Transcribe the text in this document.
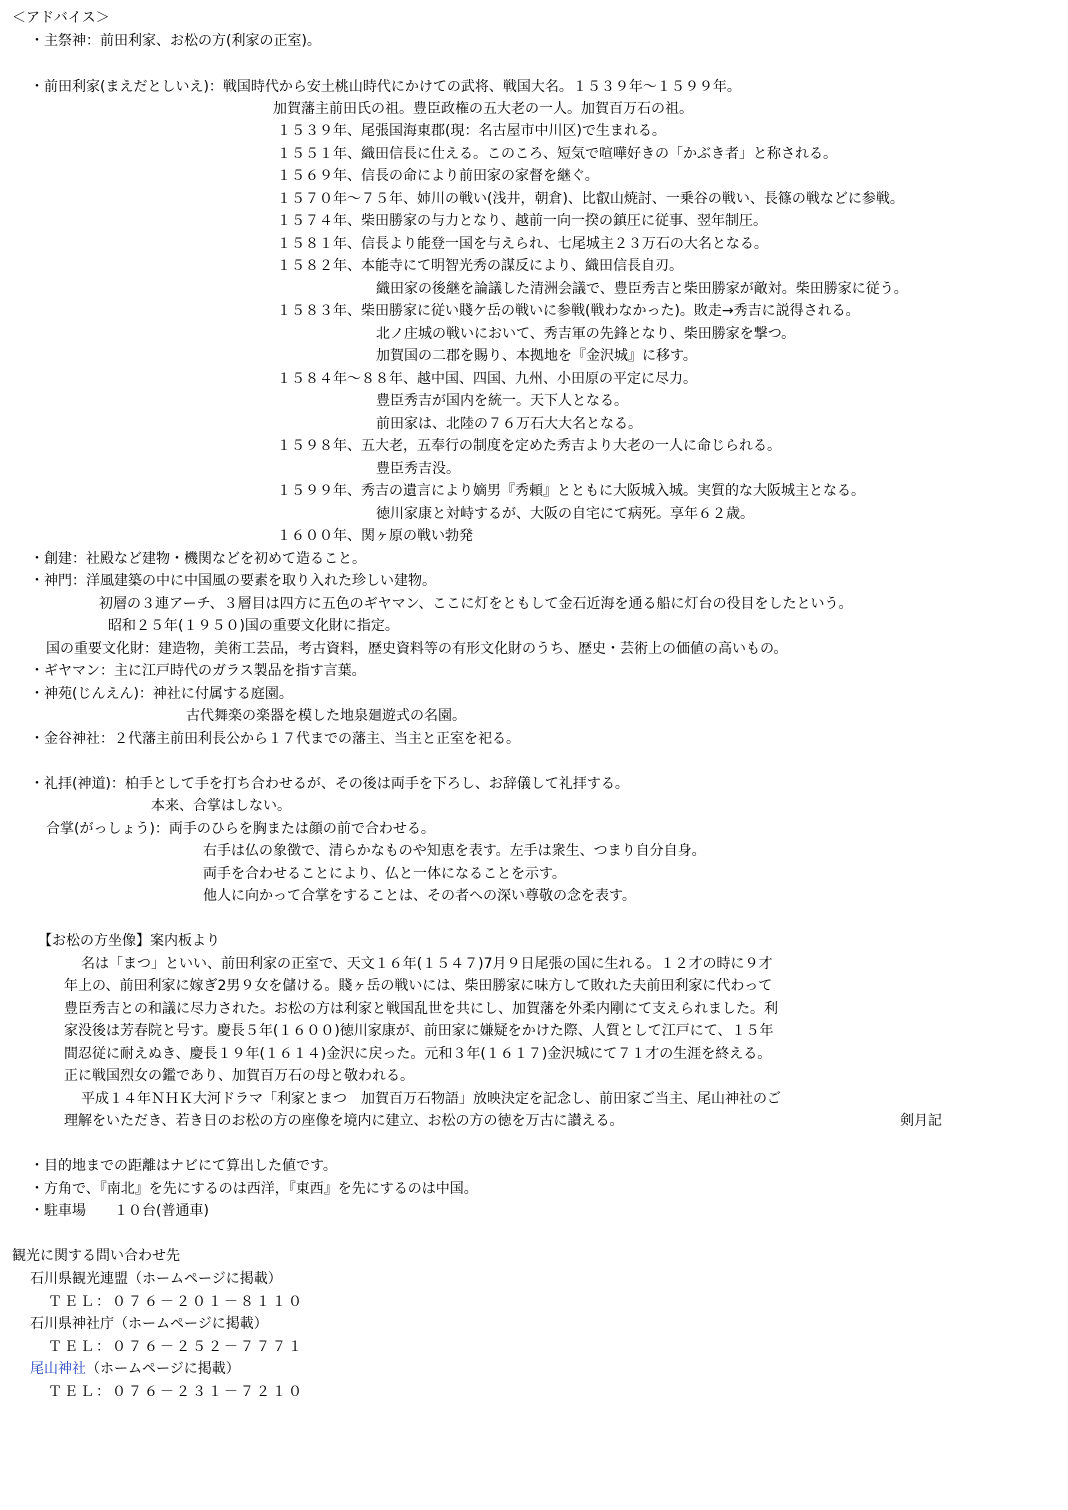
＜アドバイス＞
・主祭神：前田利家、お松の方(利家の正室)。
・前田利家(まえだとしいえ)：戦国時代から安土桃山時代にかけての武将、戦国大名。１５３９年～１５９９年。
加賀藩主前田氏の祖。豊臣政権の五大老の一人。加賀百万石の祖。
１５３９年、尾張国海東郡(現：名古屋市中川区)で生まれる。
１５５１年、織田信長に仕える。このころ、短気で喧嘩好きの「かぶき者」と称される。
１５６９年、信長の命により前田家の家督を継ぐ。
１５７０年～７５年、姉川の戦い(浅井，朝倉)、比叡山焼討、一乗谷の戦い、長篠の戦などに参戦。
１５７４年、柴田勝家の与力となり、越前一向一揆の鎮圧に従事、翌年制圧。
１５８１年、信長より能登一国を与えられ、七尾城主２３万石の大名となる。
１５８２年、本能寺にて明智光秀の謀反により、織田信長自刃。
織田家の後継を論議した清洲会議で、豊臣秀吉と柴田勝家が敵対。柴田勝家に従う。
１５８３年、柴田勝家に従い賤ケ岳の戦いに参戦(戦わなかった)。敗走→秀吉に説得される。
北ノ庄城の戦いにおいて、秀吉軍の先鋒となり、柴田勝家を撃つ。
加賀国の二郡を賜り、本拠地を『金沢城』に移す。
１５８４年～８８年、越中国、四国、九州、小田原の平定に尽力。
豊臣秀吉が国内を統一。天下人となる。
前田家は、北陸の７６万石大大名となる。
１５９８年、五大老，五奉行の制度を定めた秀吉より大老の一人に命じられる。
豊臣秀吉没。
１５９９年、秀吉の遺言により嫡男『秀頼』とともに大阪城入城。実質的な大阪城主となる。
徳川家康と対峙するが、大阪の自宅にて病死。享年６２歳。
１６００年、関ヶ原の戦い勃発
・創建：社殿など建物・機関などを初めて造ること。
・神門：洋風建築の中に中国風の要素を取り入れた珍しい建物。
初層の３連アーチ、３層目は四方に五色のギヤマン、ここに灯をともして金石近海を通る船に灯台の役目をしたという。
昭和２５年(１９５０)国の重要文化財に指定。
国の重要文化財：建造物，美術工芸品，考古資料，歴史資料等の有形文化財のうち、歴史・芸術上の価値の高いもの。
・ギヤマン：主に江戸時代のガラス製品を指す言葉。
・神苑(じんえん)：神社に付属する庭園。
古代舞楽の楽器を模した地泉廻遊式の名園。
・金谷神社：２代藩主前田利長公から１７代までの藩主、当主と正室を祀る。
・礼拝(神道)：柏手として手を打ち合わせるが、その後は両手を下ろし、お辞儀して礼拝する。
本来、合掌はしない。
合掌(がっしょう)：両手のひらを胸または顔の前で合わせる。
右手は仏の象徴で、清らかなものや知恵を表す。左手は衆生、つまり自分自身。
両手を合わせることにより、仏と一体になることを示す。
他人に向かって合掌をすることは、その者への深い尊敬の念を表す。
【お松の方坐像】案内板より
名は「まつ」といい、前田利家の正室で、天文１６年(１５４７)7月９日尾張の国に生れる。１２才の時に９才
年上の、前田利家に嫁ぎ2男９女を儲ける。賤ヶ岳の戦いには、柴田勝家に味方して敗れた夫前田利家に代わって
豊臣秀吉との和議に尽力された。お松の方は利家と戦国乱世を共にし、加賀藩を外柔内剛にて支えられました。利
家没後は芳春院と号す。慶長５年(１６００)徳川家康が、前田家に嫌疑をかけた際、人質として江戸にて、１５年
間忍従に耐えぬき、慶長１９年(１６１４)金沢に戻った。元和３年(１６１７)金沢城にて７１才の生涯を終える。
正に戦国烈女の鑑であり、加賀百万石の母と敬われる。
平成１４年ＮＨＫ大河ドラマ「利家とまつ　加賀百万石物語」放映決定を記念し、前田家ご当主、尾山神社のご
理解をいただき、若き日のお松の方の座像を境内に建立、お松の方の徳を万古に讃える。	剣月記
・目的地までの距離はナビにて算出した値です。
・方角で、『南北』を先にするのは西洋，『東西』を先にするのは中国。
・駐車場　　１０台(普通車)
観光に関する問い合わせ先
石川県観光連盟（ホームページに掲載）
ＴＥＬ：０７６－２０１－８１１０
石川県神社庁（ホームページに掲載）
ＴＥＬ：０７６－２５２－７７７１
尾山神社（ホームページに掲載）
ＴＥＬ：０７６－２３１－７２１０
